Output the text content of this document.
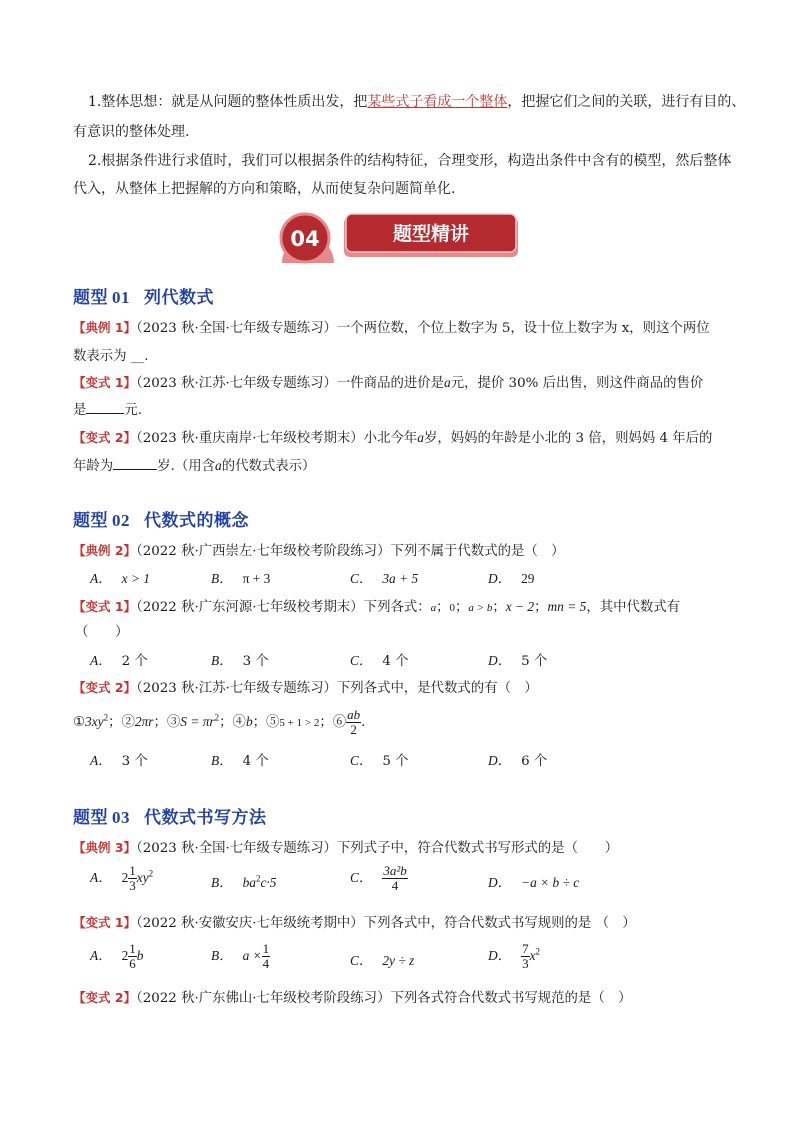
1.整体思想：就是从问题的整体性质出发，把某些式子看成一个整体，把握它们之间的关联，进行有目的、
有意识的整体处理.
2.根据条件进行求值时，我们可以根据条件的结构特征，合理变形，构造出条件中含有的模型，然后整体
代入，从整体上把握解的方向和策略，从而使复杂问题简单化.
04	题型精讲
题型 01 列代数式
【典例 1】（2023 秋·全国·七年级专题练习）一个两位数，个位上数字为 5，设十位上数字为 x，则这个两位
数表示为 __.
【变式 1】（2023 秋·江苏·七年级专题练习）一件商品的进价是a元，提价 30% 后出售，则这件商品的售价
是	元.
【变式 2】（2023 秋·重庆南岸·七年级校考期末）小北今年a岁，妈妈的年龄是小北的 3 倍，则妈妈 4 年后的
年龄为	岁.（用含a的代数式表示）
题型 02 代数式的概念
【典例 2】（2022 秋·广西崇左·七年级校考阶段练习）下列不属于代数式的是（　）
A． x > 1	B． π + 3	C． 3a + 5	D． 29
【变式 1】（2022 秋·广东河源·七年级校考期末）下列各式：a；0；a > b；x − 2；mn = 5，其中代数式有
（　　）
A． 2 个	B． 3 个	C． 4 个	D． 5 个
【变式 2】（2023 秋·江苏·七年级专题练习）下列各式中，是代数式的有（　）
$①3xy^2$；②2πr；③S = $\pi r^2$；④b；⑤5 + 1 > 2；⑥ $\frac{ab}{2}$ .
A． 3 个	B． 4 个	C． 5 个	D． 6 个
题型 03 代数式书写方法
【典例 3】（2023 秋·全国·七年级专题练习）下列式子中，符合代数式书写形式的是（　　）
A． $2 \frac{1}{3} xy^2$
B． $ba^2c\cdot 5$	C． $\frac{\text{3a²b}}{4}$	D． −a × b ÷ c
【变式 1】（2022 秋·安徽安庆·七年级统考期中）下列各式中，符合代数式书写规则的是 （　）
A． $2 \frac{1}{6}$ b	B． $a \times \frac{1}{4}$	C． 2y ÷ z	D． $\frac{7}{3} x^2$
【变式 2】（2022 秋·广东佛山·七年级校考阶段练习）下列各式符合代数式书写规范的是（　）
